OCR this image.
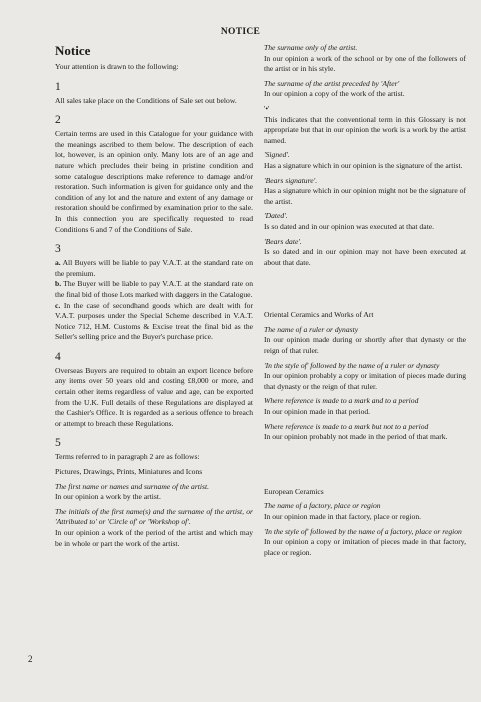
NOTICE
Notice

Your attention is drawn to the following:

1

All sales take place on the Conditions of Sale set out below.

2

Certain terms are used in this Catalogue for your guidance with the meanings ascribed to them below. The description of each lot, however, is an opinion only. Many lots are of an age and nature which precludes their being in pristine condition and some catalogue descriptions make reference to damage and/or restoration. Such information is given for guidance only and the condition of any lot and the nature and extent of any damage or restoration should be confirmed by examination prior to the sale. In this connection you are specifically requested to read Conditions 6 and 7 of the Conditions of Sale.

3

a. All Buyers will be liable to pay V.A.T. at the standard rate on the premium.

b. The Buyer will be liable to pay V.A.T. at the standard rate on the final bid of those Lots marked with daggers in the Catalogue.

c. In the case of secondhand goods which are dealt with for V.A.T. purposes under the Special Scheme described in V.A.T. Notice 712, H.M. Customs & Excise treat the final bid as the Seller's selling price and the Buyer's purchase price.

4

Overseas Buyers are required to obtain an export licence before any items over 50 years old and costing £8,000 or more, and certain other items regardless of value and age, can be exported from the U.K. Full details of these Regulations are displayed at the Cashier's Office. It is regarded as a serious offence to breach or attempt to breach these Regulations.

5

Terms referred to in paragraph 2 are as follows:

Pictures, Drawings, Prints, Miniatures and Icons

The first name or names and surname of the artist.

In our opinion a work by the artist.

The initials of the first name(s) and the surname of the artist, or 'Attributed to' or 'Circle of' or 'Workshop of'.

In our opinion a work of the period of the artist and which may be in whole or part the work of the artist.

The surname only of the artist.

In our opinion a work of the school or by one of the followers of the artist or in his style.

The surname of the artist preceded by 'After'

In our opinion a copy of the work of the artist.

'•'

This indicates that the conventional term in this Glossary is not appropriate but that in our opinion the work is a work by the artist named.

'Signed'.

Has a signature which in our opinion is the signature of the artist.

'Bears signature'.

Has a signature which in our opinion might not be the signature of the artist.

'Dated'.

Is so dated and in our opinion was executed at that date.

'Bears date'.

Is so dated and in our opinion may not have been executed at about that date.

Oriental Ceramics and Works of Art

The name of a ruler or dynasty

In our opinion made during or shortly after that dynasty or the reign of that ruler.

'In the style of' followed by the name of a ruler or dynasty

In our opinion probably a copy or imitation of pieces made during that dynasty or the reign of that ruler.

Where reference is made to a mark and to a period

In our opinion made in that period.

Where reference is made to a mark but not to a period

In our opinion probably not made in the period of that mark.

European Ceramics

The name of a factory, place or region

In our opinion made in that factory, place or region.

'In the style of' followed by the name of a factory, place or region

In our opinion a copy or imitation of pieces made in that factory, place or region.

2
